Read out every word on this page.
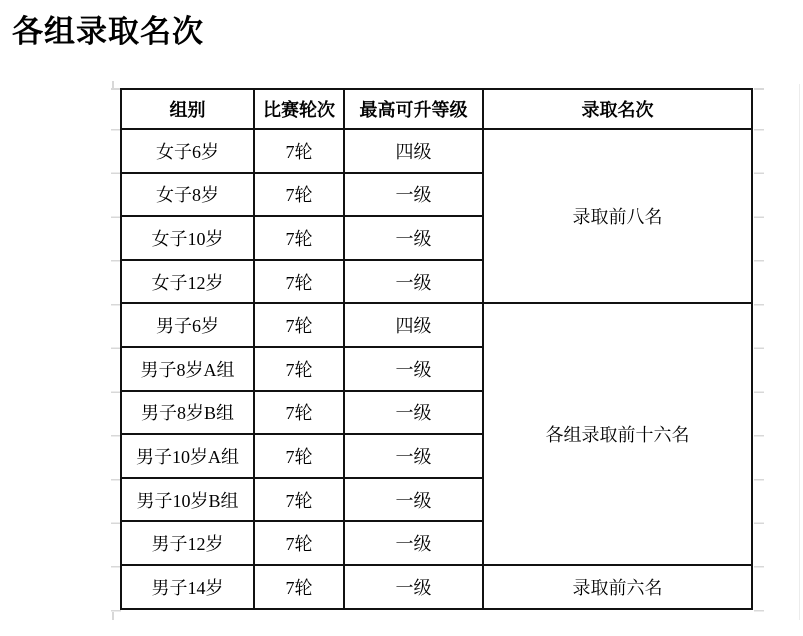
各组录取名次
组别	比赛轮次	最高可升等级	录取名次
女子6岁	7轮	四级	录取前八名
女子8岁	7轮	一级	
女子10岁	7轮	一级	
女子12岁	7轮	一级	
男子6岁	7轮	四级	各组录取前十六名
男子8岁A组	7轮	一级	
男子8岁B组	7轮	一级	
男子10岁A组	7轮	一级	
男子10岁B组	7轮	一级	
男子12岁	7轮	一级	
男子14岁	7轮	一级	录取前六名
